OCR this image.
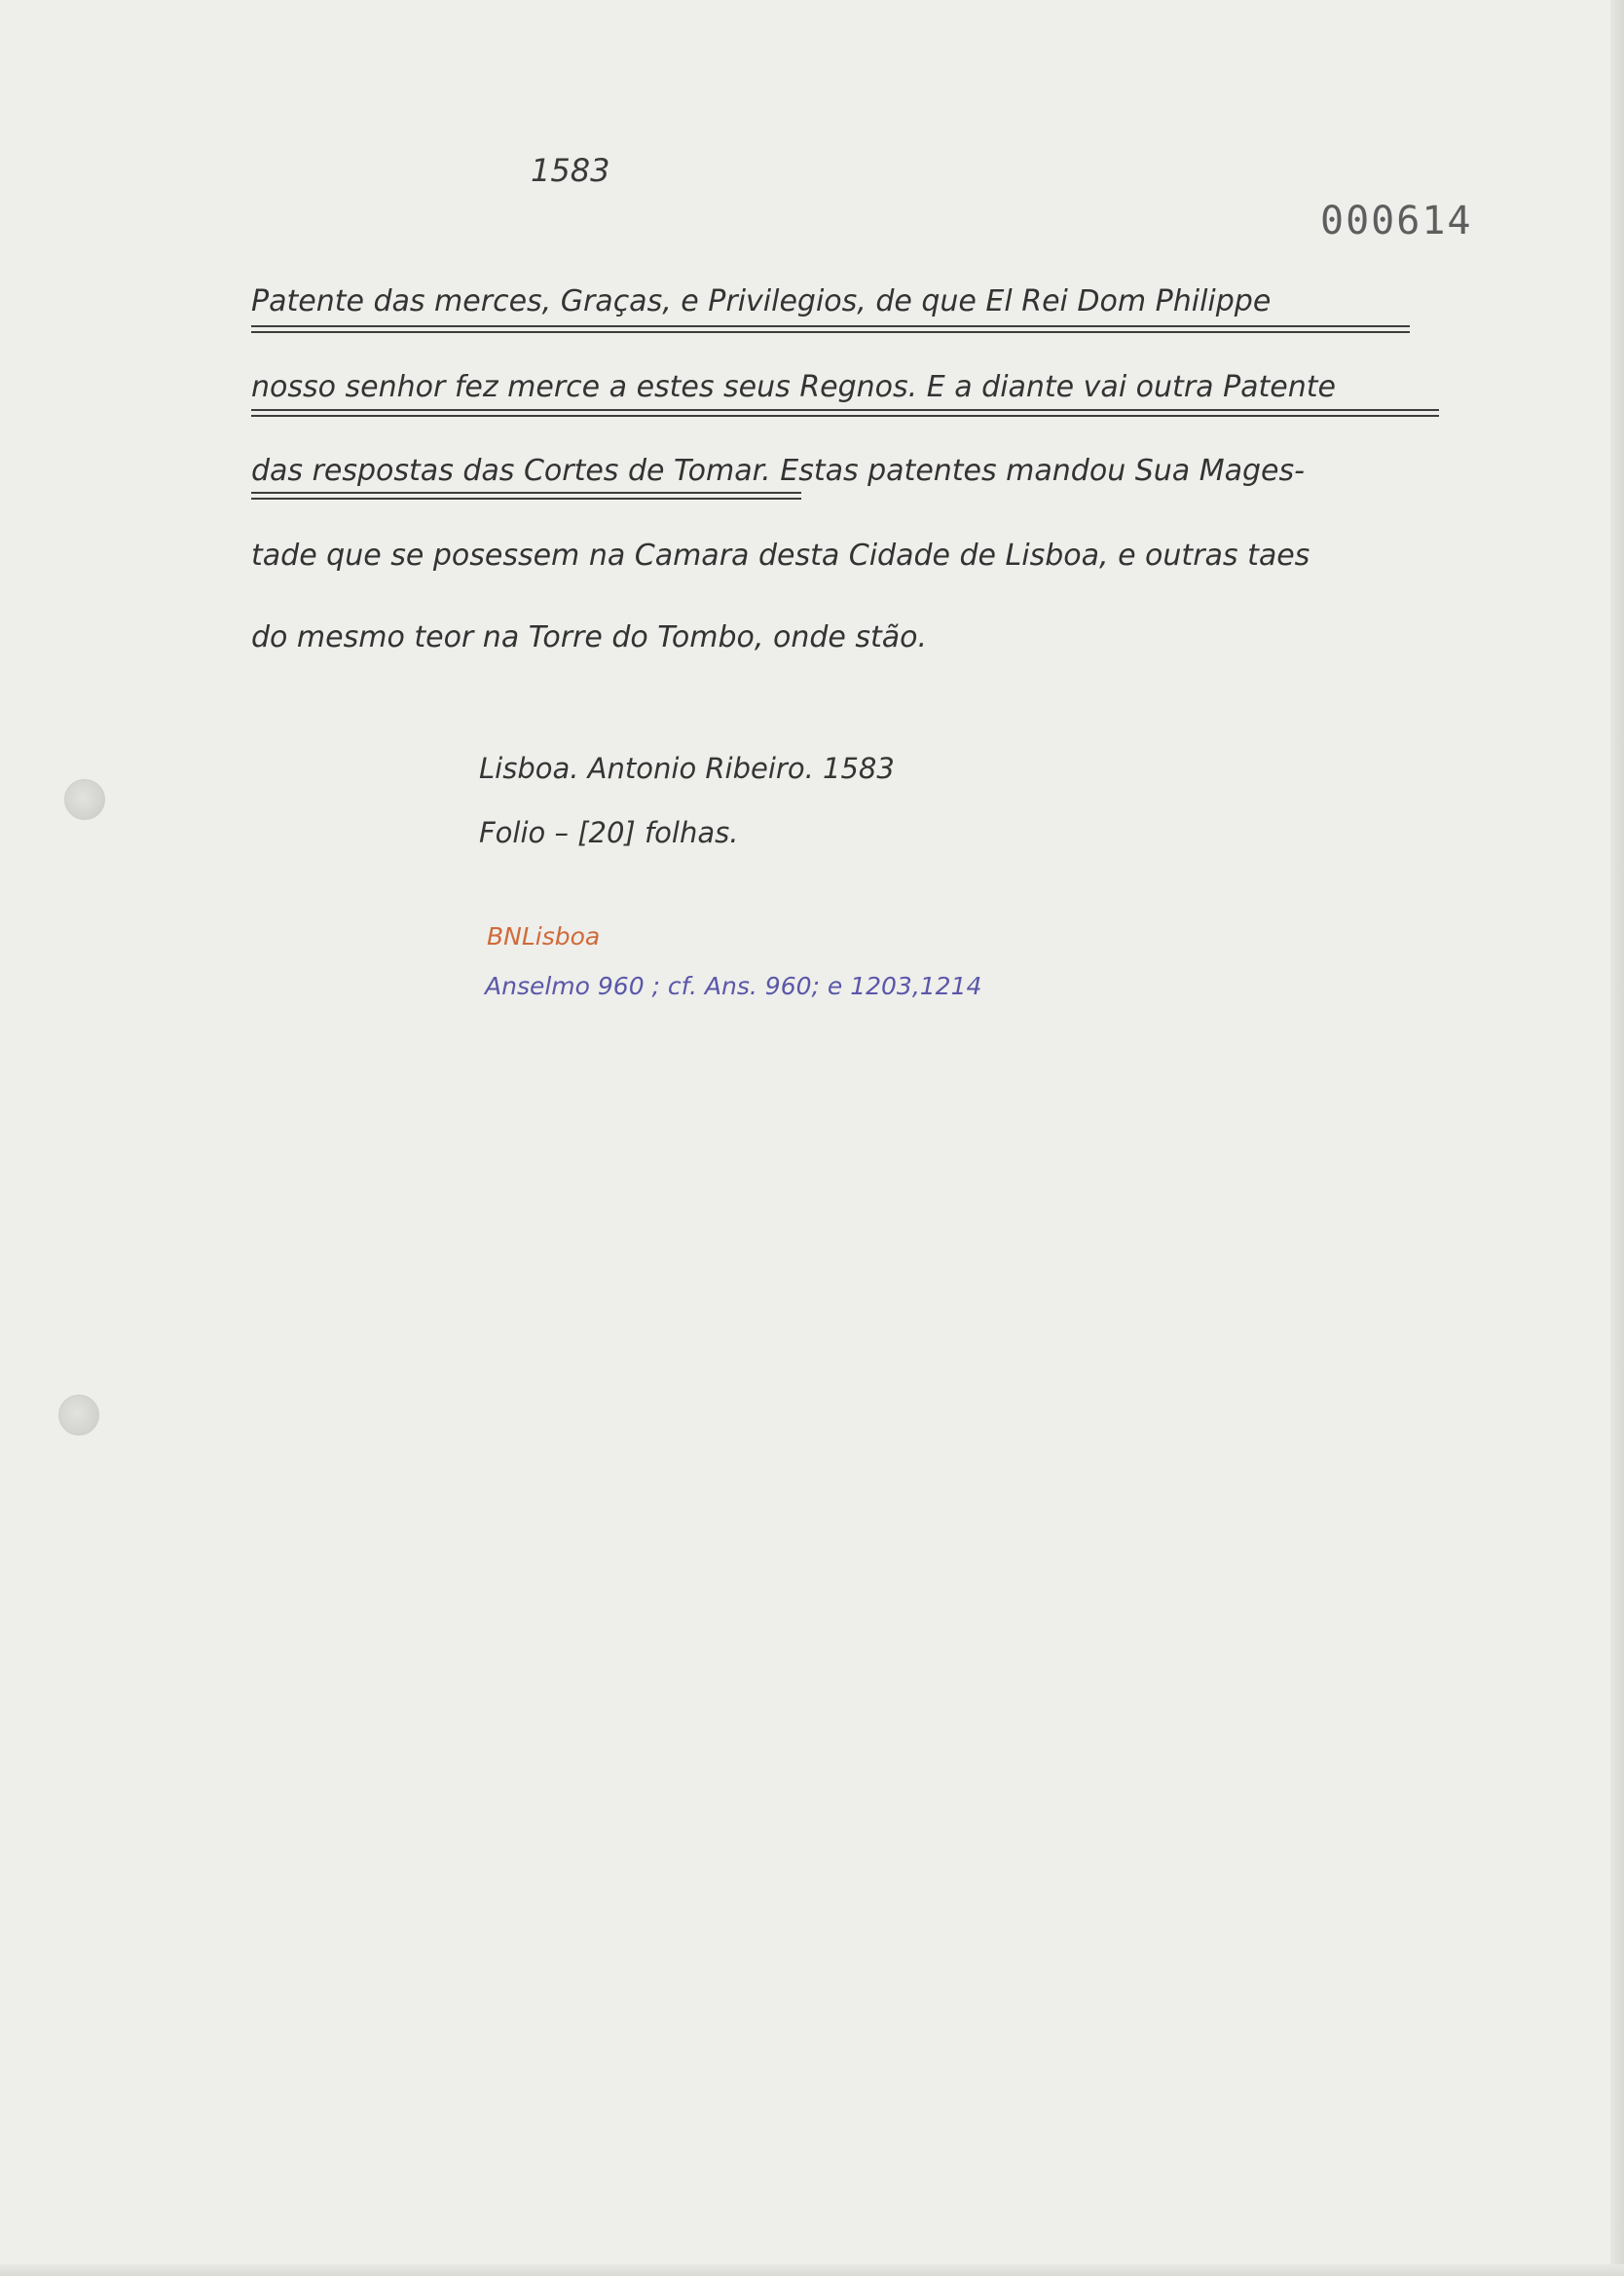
1583
000614
Patente das merces, Graças, e Privilegios, de que El Rei Dom Philippe
nosso senhor fez merce a estes seus Regnos. E a diante vai outra Patente
das respostas das Cortes de Tomar. Estas patentes mandou Sua Mages-
tade que se posessem na Camara desta Cidade de Lisboa, e outras taes
do mesmo teor na Torre do Tombo, onde stão.
Lisboa. Antonio Ribeiro. 1583
Folio – [20] folhas.
BNLisboa
Anselmo 960 ; cf. Ans. 960; e 1203,1214
